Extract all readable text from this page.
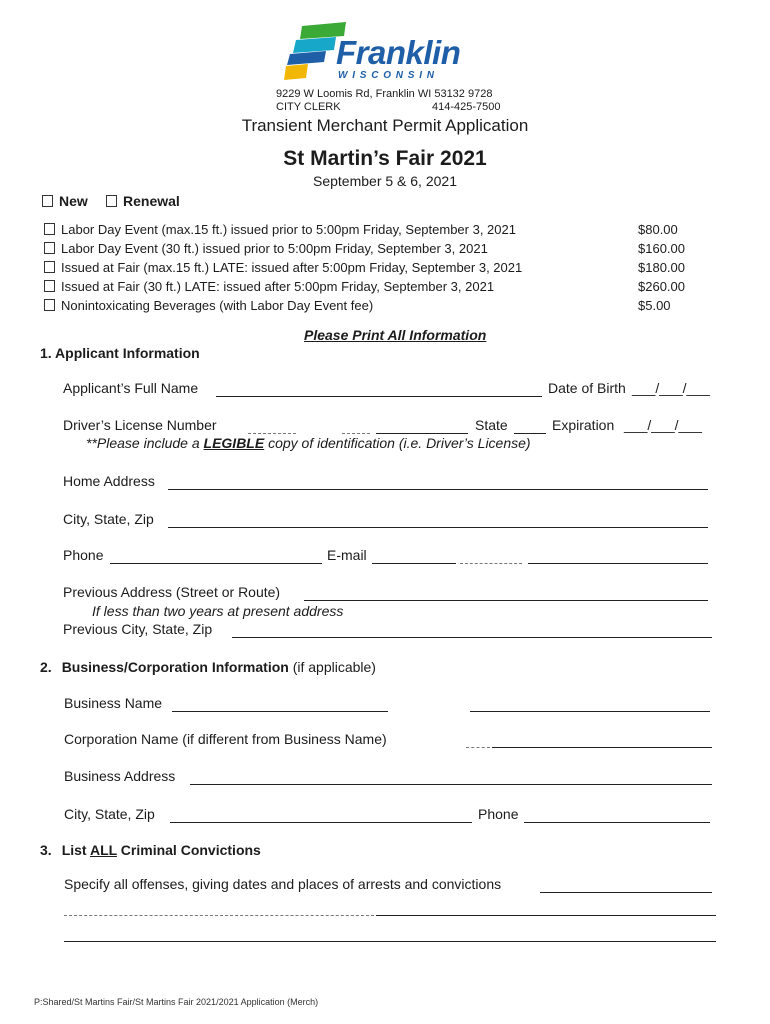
Franklin
W I S C O N S I N
9229 W Loomis Rd, Franklin WI 53132 9728
CITY CLERK	414-425-7500
Transient Merchant Permit Application
St Martin’s Fair 2021
September 5 & 6, 2021
New	Renewal
Labor Day Event (max.15 ft.) issued prior to 5:00pm Friday, September 3, 2021	$80.00
Labor Day Event (30 ft.) issued prior to 5:00pm Friday, September 3, 2021	$160.00
Issued at Fair (max.15 ft.) LATE: issued after 5:00pm Friday, September 3, 2021	$180.00
Issued at Fair (30 ft.) LATE: issued after 5:00pm Friday, September 3, 2021	$260.00
Nonintoxicating Beverages (with Labor Day Event fee)	$5.00
Please Print All Information
1. Applicant Information
Applicant’s Full Name	Date of Birth ___/___/___
Driver’s License Number	State	Expiration ___/___/___
**Please include a LEGIBLE copy of identification (i.e. Driver’s License)
Home Address
City, State, Zip
Phone	E-mail
Previous Address (Street or Route)
If less than two years at present address
Previous City, State, Zip
2. Business/Corporation Information (if applicable)
Business Name
Corporation Name (if different from Business Name)
Business Address
City, State, Zip	Phone
3. List ALL Criminal Convictions
Specify all offenses, giving dates and places of arrests and convictions
P:Shared/St Martins Fair/St Martins Fair 2021/2021 Application (Merch)
